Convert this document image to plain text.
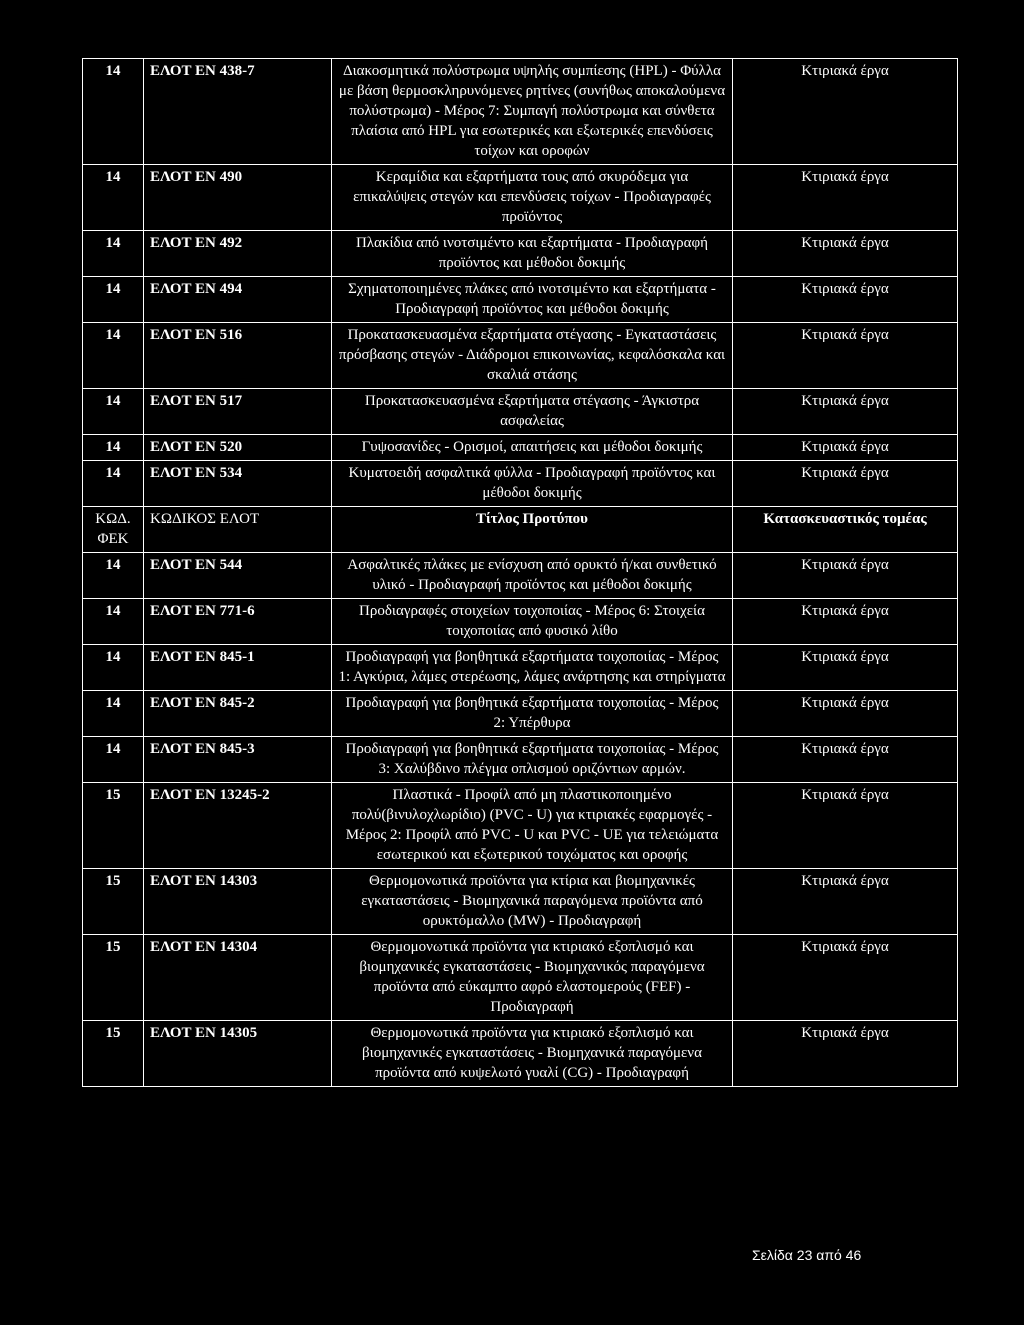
14	ΕΛΟΤ ΕΝ 438-7	Διακοσμητικά πολύστρωμα υψηλής συμπίεσης (HPL) - Φύλλα με βάση θερμοσκληρυνόμενες ρητίνες (συνήθως αποκαλούμενα πολύστρωμα) - Μέρος 7: Συμπαγή πολύστρωμα και σύνθετα πλαίσια από HPL για εσωτερικές και εξωτερικές επενδύσεις τοίχων και οροφών	Κτιριακά έργα
14	ΕΛΟΤ ΕΝ 490	Κεραμίδια και εξαρτήματα τους από σκυρόδεμα για επικαλύψεις στεγών και επενδύσεις τοίχων - Προδιαγραφές προϊόντος	Κτιριακά έργα
14	ΕΛΟΤ ΕΝ 492	Πλακίδια από ινοτσιμέντο και εξαρτήματα - Προδιαγραφή προϊόντος και μέθοδοι δοκιμής	Κτιριακά έργα
14	ΕΛΟΤ ΕΝ 494	Σχηματοποιημένες πλάκες από ινοτσιμέντο και εξαρτήματα - Προδιαγραφή προϊόντος και μέθοδοι δοκιμής	Κτιριακά έργα
14	ΕΛΟΤ ΕΝ 516	Προκατασκευασμένα εξαρτήματα στέγασης - Εγκαταστάσεις πρόσβασης στεγών - Διάδρομοι επικοινωνίας, κεφαλόσκαλα και σκαλιά στάσης	Κτιριακά έργα
14	ΕΛΟΤ ΕΝ 517	Προκατασκευασμένα εξαρτήματα στέγασης - Άγκιστρα ασφαλείας	Κτιριακά έργα
14	ΕΛΟΤ ΕΝ 520	Γυψοσανίδες - Ορισμοί, απαιτήσεις και μέθοδοι δοκιμής	Κτιριακά έργα
14	ΕΛΟΤ ΕΝ 534	Κυματοειδή ασφαλτικά φύλλα - Προδιαγραφή προϊόντος και μέθοδοι δοκιμής	Κτιριακά έργα
ΚΩΔ. ΦΕΚ	ΚΩΔΙΚΟΣ ΕΛΟΤ	Τίτλος Προτύπου	Κατασκευαστικός τομέας
14	ΕΛΟΤ ΕΝ 544	Ασφαλτικές πλάκες με ενίσχυση από ορυκτό ή/και συνθετικό υλικό - Προδιαγραφή προϊόντος και μέθοδοι δοκιμής	Κτιριακά έργα
14	ΕΛΟΤ ΕΝ 771-6	Προδιαγραφές στοιχείων τοιχοποιίας - Μέρος 6: Στοιχεία τοιχοποιίας από φυσικό λίθο	Κτιριακά έργα
14	ΕΛΟΤ ΕΝ 845-1	Προδιαγραφή για βοηθητικά εξαρτήματα τοιχοποιίας - Μέρος 1: Αγκύρια, λάμες στερέωσης, λάμες ανάρτησης και στηρίγματα	Κτιριακά έργα
14	ΕΛΟΤ ΕΝ 845-2	Προδιαγραφή για βοηθητικά εξαρτήματα τοιχοποιίας - Μέρος 2: Υπέρθυρα	Κτιριακά έργα
14	ΕΛΟΤ ΕΝ 845-3	Προδιαγραφή για βοηθητικά εξαρτήματα τοιχοποιίας - Μέρος 3: Χαλύβδινο πλέγμα οπλισμού οριζόντιων αρμών.	Κτιριακά έργα
15	ΕΛΟΤ ΕΝ 13245-2	Πλαστικά - Προφίλ από μη πλαστικοποιημένο πολύ(βινυλοχλωρίδιο) (PVC - U) για κτιριακές εφαρμογές - Μέρος 2: Προφίλ από PVC - U και PVC - UE για τελειώματα εσωτερικού και εξωτερικού τοιχώματος και οροφής	Κτιριακά έργα
15	ΕΛΟΤ ΕΝ 14303	Θερμομονωτικά προϊόντα για κτίρια και βιομηχανικές εγκαταστάσεις - Βιομηχανικά παραγόμενα προϊόντα από ορυκτόμαλλο (MW) - Προδιαγραφή	Κτιριακά έργα
15	ΕΛΟΤ ΕΝ 14304	Θερμομονωτικά προϊόντα για κτιριακό εξοπλισμό και βιομηχανικές εγκαταστάσεις - Βιομηχανικός παραγόμενα προϊόντα από εύκαμπτο αφρό ελαστομερούς (FEF) - Προδιαγραφή	Κτιριακά έργα
15	ΕΛΟΤ ΕΝ 14305	Θερμομονωτικά προϊόντα για κτιριακό εξοπλισμό και βιομηχανικές εγκαταστάσεις - Βιομηχανικά παραγόμενα προϊόντα από κυψελωτό γυαλί (CG) - Προδιαγραφή	Κτιριακά έργα
Σελίδα 23 από 46
